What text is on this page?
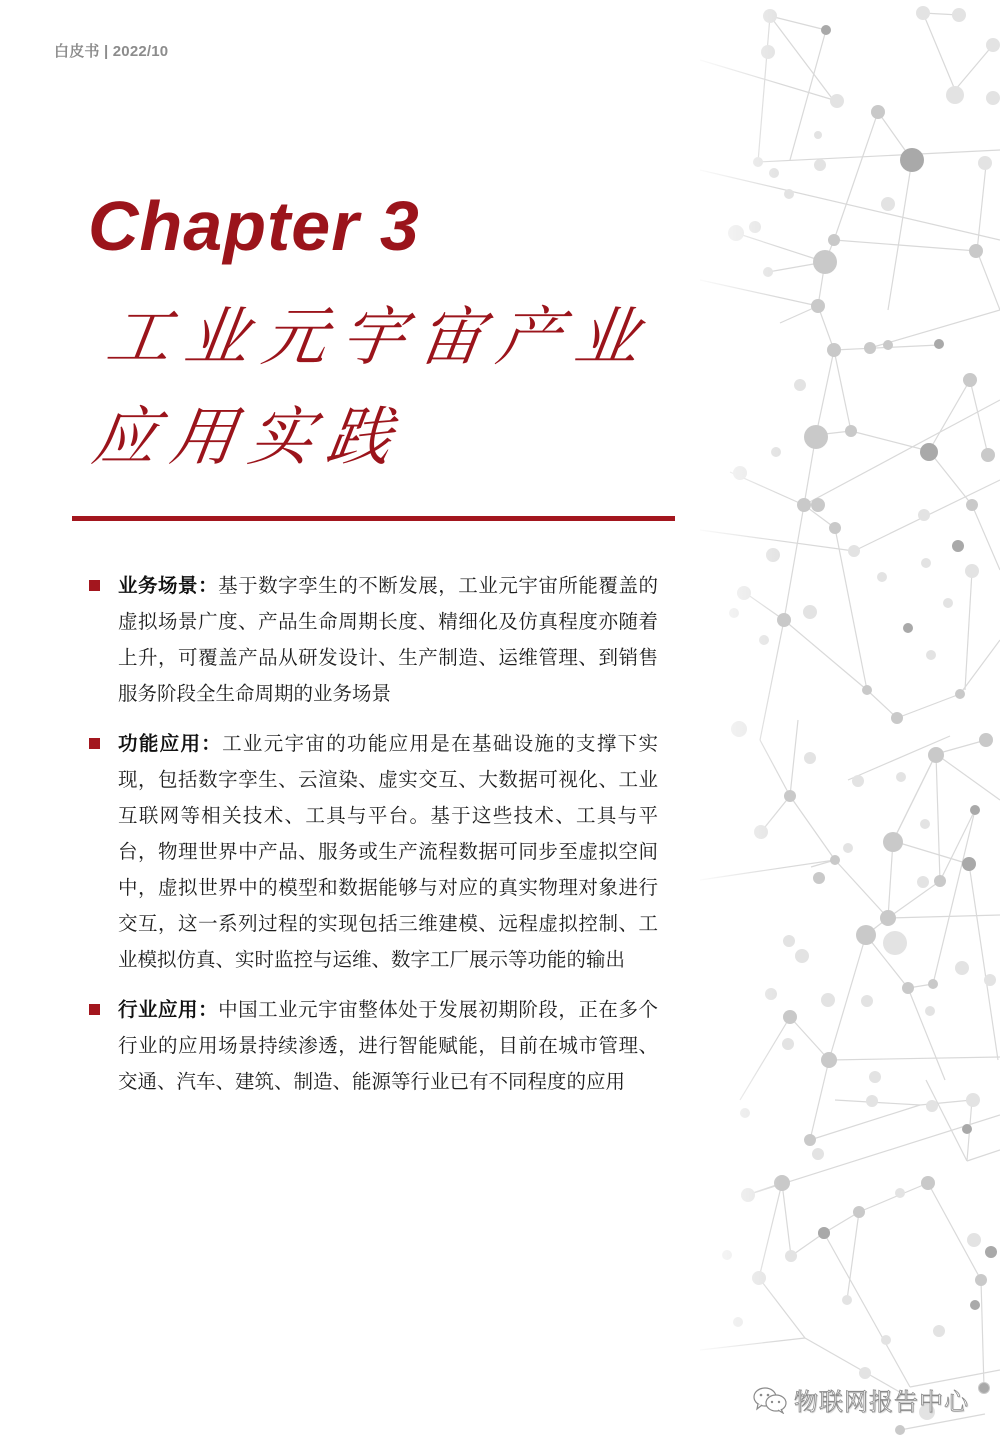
白皮书 | 2022/10
Chapter 3
工业元宇宙产业
应用实践
业务场景：基于数字孪生的不断发展，工业元宇宙所能覆盖的虚拟场景广度、产品生命周期长度、精细化及仿真程度亦随着上升，可覆盖产品从研发设计、生产制造、运维管理、到销售服务阶段全生命周期的业务场景
功能应用：工业元宇宙的功能应用是在基础设施的支撑下实现，包括数字孪生、云渲染、虚实交互、大数据可视化、工业互联网等相关技术、工具与平台。基于这些技术、工具与平台，物理世界中产品、服务或生产流程数据可同步至虚拟空间中，虚拟世界中的模型和数据能够与对应的真实物理对象进行交互，这一系列过程的实现包括三维建模、远程虚拟控制、工业模拟仿真、实时监控与运维、数字工厂展示等功能的输出
行业应用：中国工业元宇宙整体处于发展初期阶段，正在多个行业的应用场景持续渗透，进行智能赋能，目前在城市管理、交通、汽车、建筑、制造、能源等行业已有不同程度的应用
物联网报告中心
